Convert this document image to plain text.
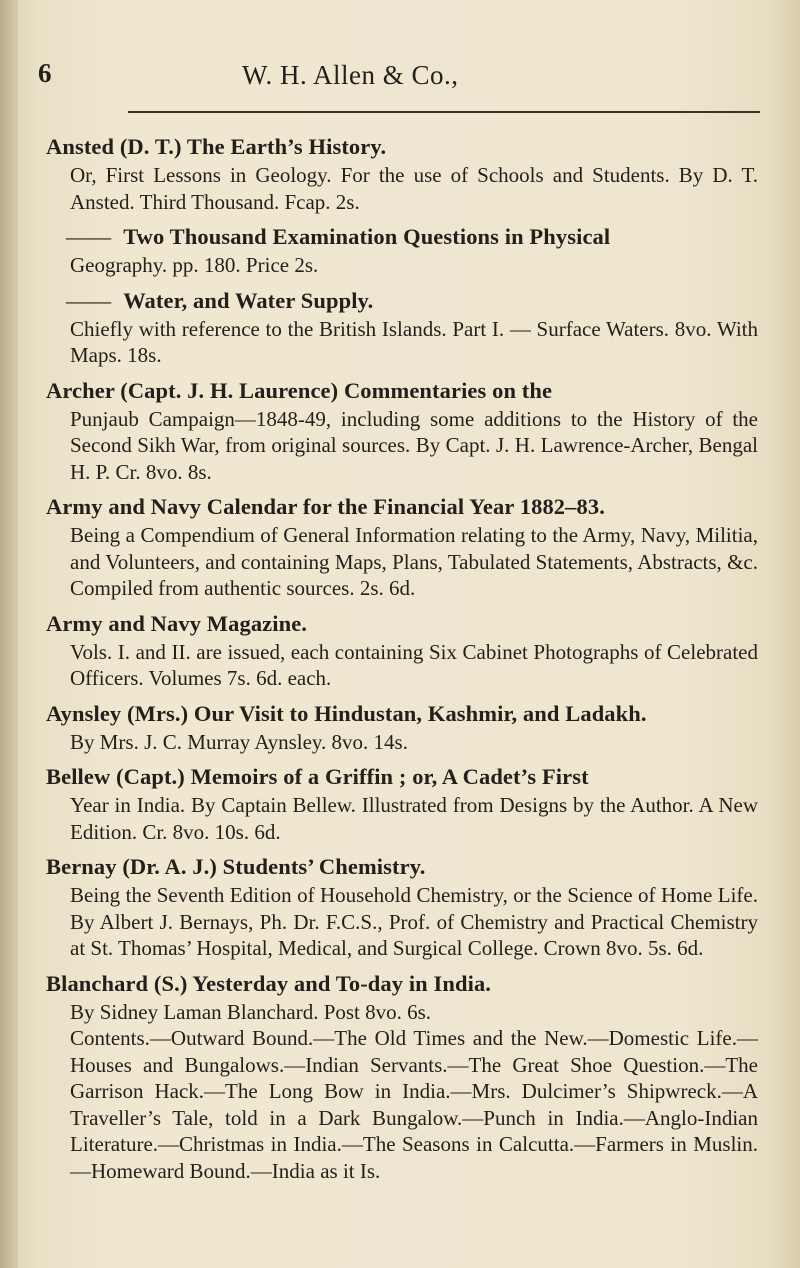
6	W. H. Allen & Co.,
Ansted (D. T.) The Earth’s History.
Or, First Lessons in Geology. For the use of Schools and Students. By D. T. Ansted. Third Thousand. Fcap. 2s.
—— Two Thousand Examination Questions in Physical
Geography. pp. 180. Price 2s.
—— Water, and Water Supply.
Chiefly with reference to the British Islands. Part I. — Surface Waters. 8vo. With Maps. 18s.
Archer (Capt. J. H. Laurence) Commentaries on the
Punjaub Campaign—1848-49, including some additions to the History of the Second Sikh War, from original sources. By Capt. J. H. Lawrence-Archer, Bengal H. P. Cr. 8vo. 8s.
Army and Navy Calendar for the Financial Year 1882–83.
Being a Compendium of General Information relating to the Army, Navy, Militia, and Volunteers, and containing Maps, Plans, Tabulated Statements, Abstracts, &c. Compiled from authentic sources. 2s. 6d.
Army and Navy Magazine.
Vols. I. and II. are issued, each containing Six Cabinet Photographs of Celebrated Officers. Volumes 7s. 6d. each.
Aynsley (Mrs.) Our Visit to Hindustan, Kashmir, and Ladakh.
By Mrs. J. C. Murray Aynsley. 8vo. 14s.
Bellew (Capt.) Memoirs of a Griffin ; or, A Cadet’s First
Year in India. By Captain Bellew. Illustrated from Designs by the Author. A New Edition. Cr. 8vo. 10s. 6d.
Bernay (Dr. A. J.) Students’ Chemistry.
Being the Seventh Edition of Household Chemistry, or the Science of Home Life. By Albert J. Bernays, Ph. Dr. F.C.S., Prof. of Chemistry and Practical Chemistry at St. Thomas’ Hospital, Medical, and Surgical College. Crown 8vo. 5s. 6d.
Blanchard (S.) Yesterday and To-day in India.
By Sidney Laman Blanchard. Post 8vo. 6s.
Contents.—Outward Bound.—The Old Times and the New.—Domestic Life.—Houses and Bungalows.—Indian Servants.—The Great Shoe Question.—The Garrison Hack.—The Long Bow in India.—Mrs. Dulcimer’s Shipwreck.—A Traveller’s Tale, told in a Dark Bungalow.—Punch in India.—Anglo-Indian Literature.—Christmas in India.—The Seasons in Calcutta.—Farmers in Muslin.—Homeward Bound.—India as it Is.
